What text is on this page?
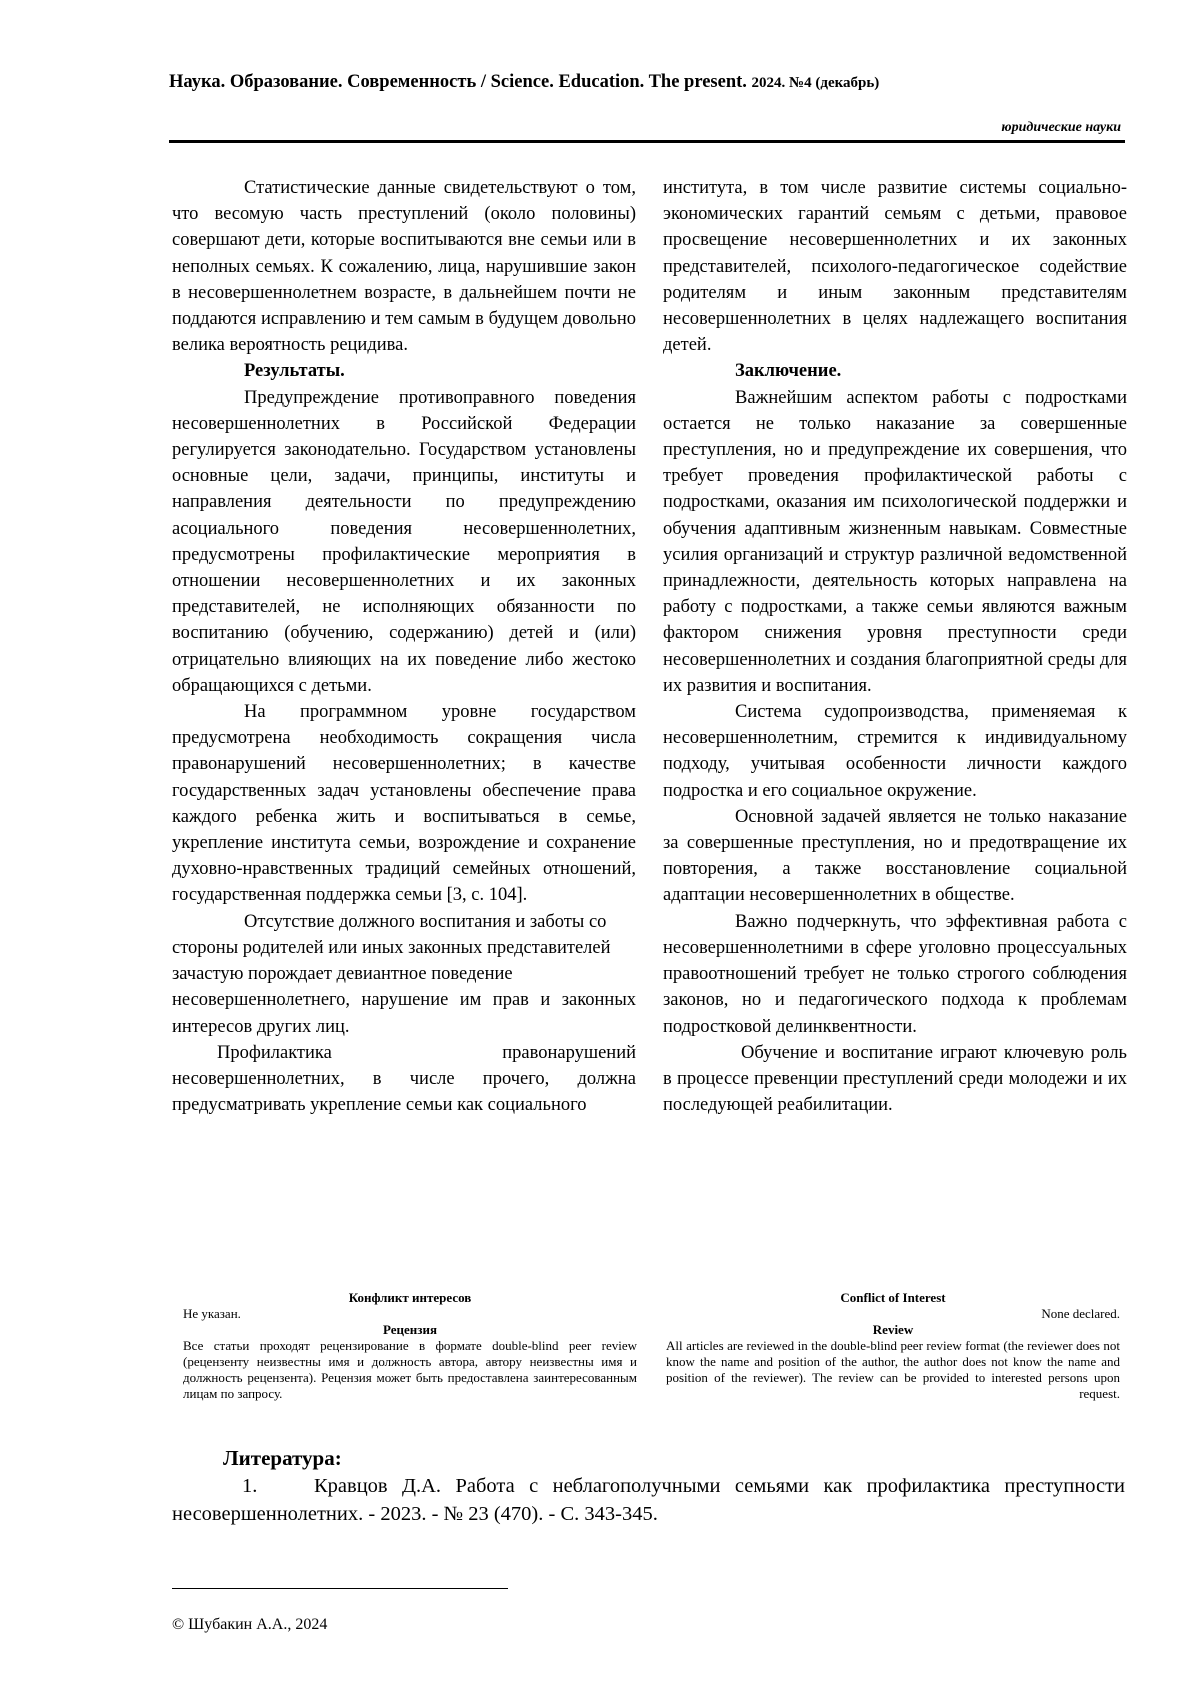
Наука. Образование. Современность / Science. Education. The present. 2024. №4 (декабрь)
юридические науки

Статистические данные свидетельствуют о том, что весомую часть преступлений (около половины) совершают дети, которые воспитываются вне семьи или в неполных семьях. К сожалению, лица, нарушившие закон в несовершеннолетнем возрасте, в дальнейшем почти не поддаются исправлению и тем самым в будущем довольно велика вероятность рецидива.

Результаты.

Предупреждение противоправного поведения несовершеннолетних в Российской Федерации регулируется законодательно. Государством установлены основные цели, задачи, принципы, институты и направления деятельности по предупреждению асоциального поведения несовершеннолетних, предусмотрены профилактические мероприятия в отношении несовершеннолетних и их законных представителей, не исполняющих обязанности по воспитанию (обучению, содержанию) детей и (или) отрицательно влияющих на их поведение либо жестоко обращающихся с детьми.

На программном уровне государством предусмотрена необходимость сокращения числа правонарушений несовершеннолетних; в качестве государственных задач установлены обеспечение права каждого ребенка жить и воспитываться в семье, укрепление института семьи, возрождение и сохранение духовно-нравственных традиций семейных отношений, государственная поддержка семьи [3, с. 104].

Отсутствие должного воспитания и заботы со стороны родителей или иных законных представителей зачастую порождает девиантное поведение

несовершеннолетнего, нарушение им прав и законных интересов других лиц.

Профилактика правонарушений несовершеннолетних, в числе прочего, должна предусматривать укрепление семьи как социального

института, в том числе развитие системы социально-экономических гарантий семьям с детьми, правовое просвещение несовершеннолетних и их законных представителей, психолого-педагогическое содействие родителям и иным законным представителям несовершеннолетних в целях надлежащего воспитания детей.

Заключение.

Важнейшим аспектом работы с подростками остается не только наказание за совершенные преступления, но и предупреждение их совершения, что требует проведения профилактической работы с подростками, оказания им психологической поддержки и обучения адаптивным жизненным навыкам. Совместные усилия организаций и структур различной ведомственной принадлежности, деятельность которых направлена на работу с подростками, а также семьи являются важным фактором снижения уровня преступности среди несовершеннолетних и создания благоприятной среды для их развития и воспитания.

Система судопроизводства, применяемая к несовершеннолетним, стремится к индивидуальному подходу, учитывая особенности личности каждого подростка и его социальное окружение.

Основной задачей является не только наказание за совершенные преступления, но и предотвращение их повторения, а также восстановление социальной адаптации несовершеннолетних в обществе.

Важно подчеркнуть, что эффективная работа с несовершеннолетними в сфере уголовно процессуальных правоотношений требует не только строгого соблюдения законов, но и педагогического подхода к проблемам подростковой делинквентности.

Обучение и воспитание играют ключевую роль в процессе превенции преступлений среди молодежи и их последующей реабилитации.

Конфликт интересов
Не указан.
Рецензия
Все статьи проходят рецензирование в формате double-blind peer review (рецензенту неизвестны имя и должность автора, автору неизвестны имя и должность рецензента). Рецензия может быть предоставлена заинтересованным лицам по запросу.
Conflict of Interest
None declared.
Review
All articles are reviewed in the double-blind peer review format (the reviewer does not know the name and position of the author, the author does not know the name and position of the reviewer). The review can be provided to interested persons upon request.
Литература:
1.	Кравцов Д.А. Работа с неблагополучными семьями как профилактика преступности несовершеннолетних. - 2023. - № 23 (470). - С. 343-345.
© Шубакин А.А., 2024
